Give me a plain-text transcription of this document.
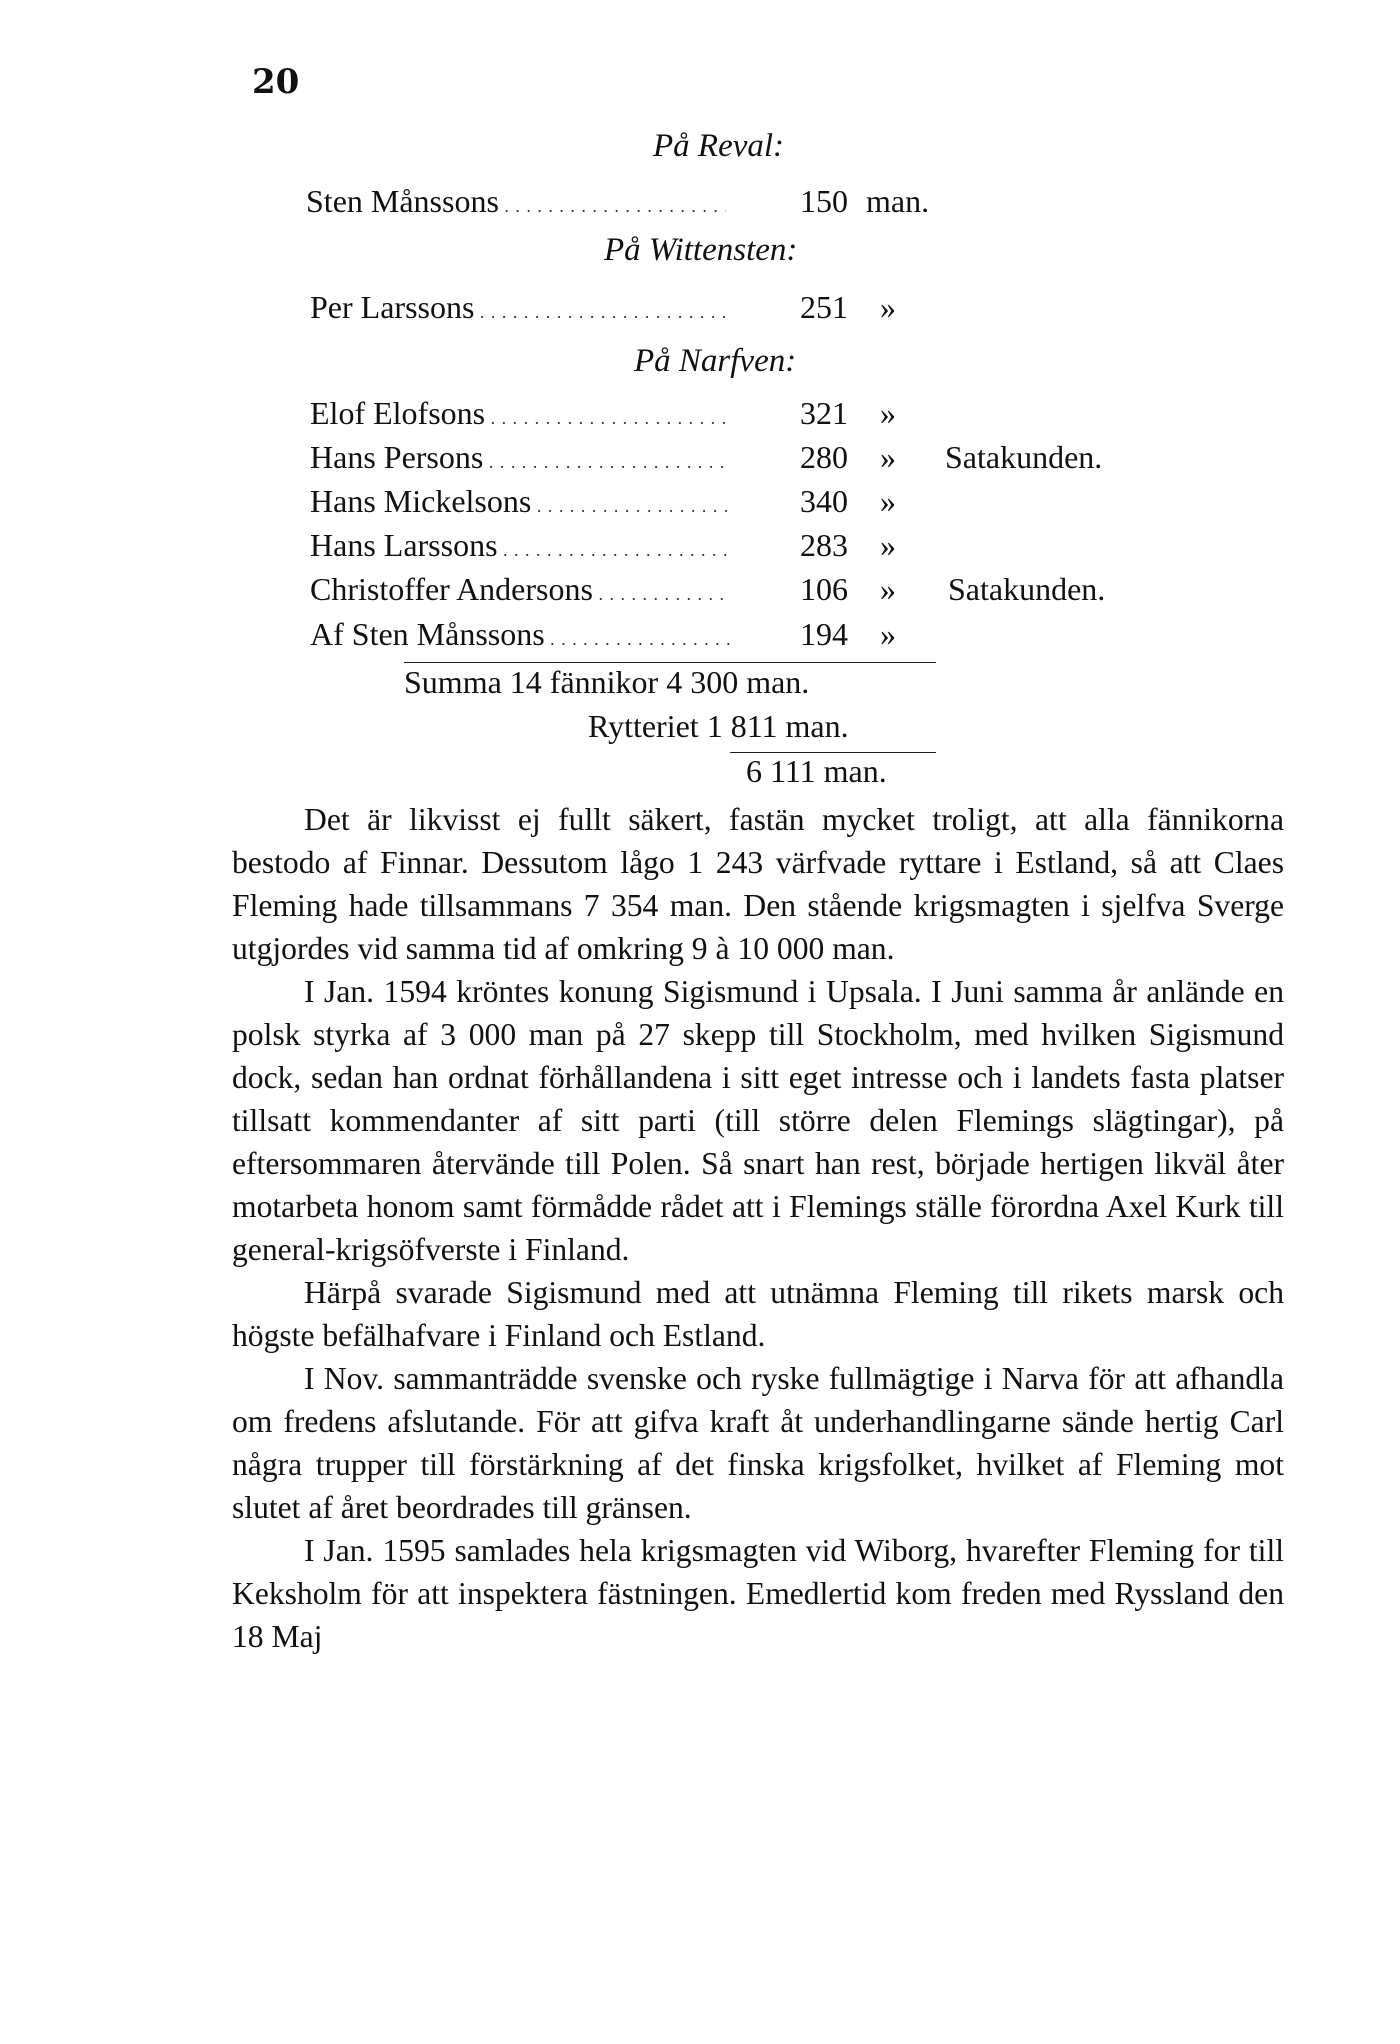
20
På Reval:
Sten Månssons . . .	150 man.
På Wittensten:
Per Larssons . . .	251 »
På Narfven:
Elof Elofsons . . .	321 »
Hans Persons . . .	280 » Satakunden.
Hans Mickelsons . . .	340 »
Hans Larssons . . .	283 »
Christoffer Andersons . . .	106 » Satakunden.
Af Sten Månssons . . .	194 »
Summa 14 fännikor 4 300 man.
Rytteriet 1 811 man.
6 111 man.

Det är likvisst ej fullt säkert, fastän mycket troligt, att alla fännikorna bestodo af Finnar. Dessutom lågo 1 243 värfvade ryttare i Estland, så att Claes Fleming hade tillsammans 7 354 man. Den stående krigsmagten i sjelfva Sverge utgjordes vid samma tid af omkring 9 à 10 000 man.

I Jan. 1594 kröntes konung Sigismund i Upsala. I Juni samma år anlände en polsk styrka af 3 000 man på 27 skepp till Stockholm, med hvilken Sigismund dock, sedan han ordnat förhållandena i sitt eget intresse och i landets fasta platser tillsatt kommendanter af sitt parti (till större delen Flemings slägtingar), på eftersommaren återvände till Polen. Så snart han rest, började hertigen likväl åter motarbeta honom samt förmådde rådet att i Flemings ställe förordna Axel Kurk till general-krigsöfverste i Finland.

Härpå svarade Sigismund med att utnämna Fleming till rikets marsk och högste befälhafvare i Finland och Estland.

I Nov. sammanträdde svenske och ryske fullmägtige i Narva för att afhandla om fredens afslutande. För att gifva kraft åt underhandlingarne sände hertig Carl några trupper till förstärkning af det finska krigsfolket, hvilket af Fleming mot slutet af året beordrades till gränsen.

I Jan. 1595 samlades hela krigsmagten vid Wiborg, hvarefter Fleming for till Keksholm för att inspektera fästningen. Emedlertid kom freden med Ryssland den 18 Maj
